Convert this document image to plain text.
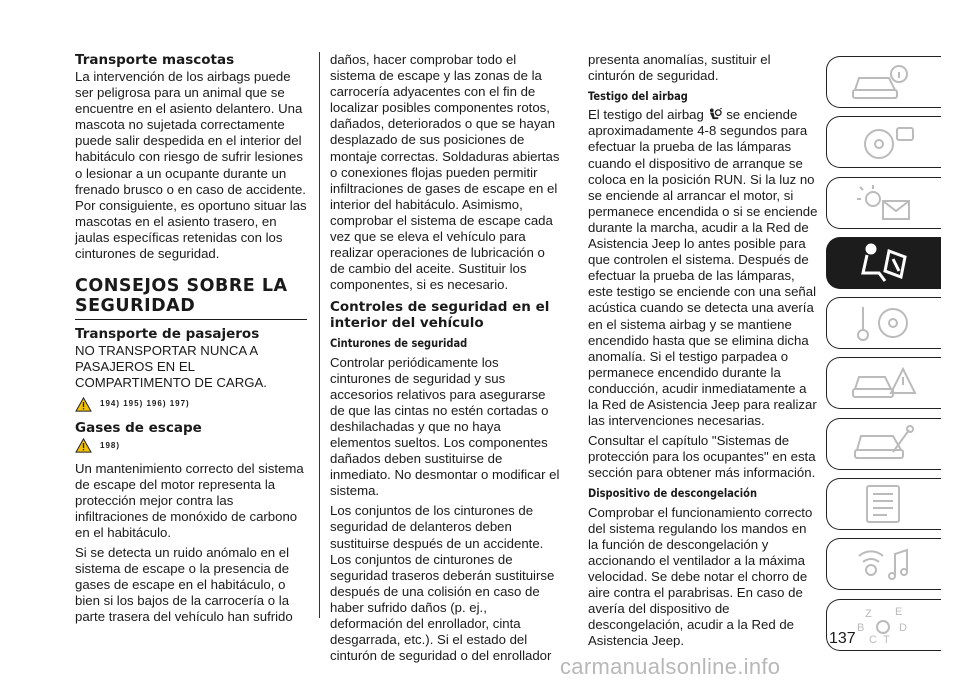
Transporte mascotas

La intervención de los airbags puede ser peligrosa para un animal que se encuentre en el asiento delantero. Una mascota no sujetada correctamente puede salir despedida en el interior del habitáculo con riesgo de sufrir lesiones o lesionar a un ocupante durante un frenado brusco o en caso de accidente. Por consiguiente, es oportuno situar las mascotas en el asiento trasero, en jaulas específicas retenidas con los cinturones de seguridad.

CONSEJOS SOBRE LA SEGURIDAD
Transporte de pasajeros

NO TRANSPORTAR NUNCA A PASAJEROS EN EL COMPARTIMENTO DE CARGA.

194) 195) 196) 197)
Gases de escape
198)

Un mantenimiento correcto del sistema de escape del motor representa la protección mejor contra las infiltraciones de monóxido de carbono en el habitáculo.

Si se detecta un ruido anómalo en el sistema de escape o la presencia de gases de escape en el habitáculo, o bien si los bajos de la carrocería o la parte trasera del vehículo han sufrido

daños, hacer comprobar todo el sistema de escape y las zonas de la carrocería adyacentes con el fin de localizar posibles componentes rotos, dañados, deteriorados o que se hayan desplazado de sus posiciones de montaje correctas. Soldaduras abiertas o conexiones flojas pueden permitir infiltraciones de gases de escape en el interior del habitáculo. Asimismo, comprobar el sistema de escape cada vez que se eleva el vehículo para realizar operaciones de lubricación o de cambio del aceite. Sustituir los componentes, si es necesario.

Controles de seguridad en el interior del vehículo
Cinturones de seguridad

Controlar periódicamente los cinturones de seguridad y sus accesorios relativos para asegurarse de que las cintas no estén cortadas o deshilachadas y que no haya elementos sueltos. Los componentes dañados deben sustituirse de inmediato. No desmontar o modificar el sistema.

Los conjuntos de los cinturones de seguridad de delanteros deben sustituirse después de un accidente. Los conjuntos de cinturones de seguridad traseros deberán sustituirse después de una colisión en caso de haber sufrido daños (p. ej., deformación del enrollador, cinta desgarrada, etc.). Si el estado del cinturón de seguridad o del enrollador

presenta anomalías, sustituir el cinturón de seguridad.

Testigo del airbag

El testigo del airbag se enciende aproximadamente 4-8 segundos para efectuar la prueba de las lámparas cuando el dispositivo de arranque se coloca en la posición RUN. Si la luz no se enciende al arrancar el motor, si permanece encendida o si se enciende durante la marcha, acudir a la Red de Asistencia Jeep lo antes posible para que controlen el sistema. Después de efectuar la prueba de las lámparas, este testigo se enciende con una señal acústica cuando se detecta una avería en el sistema airbag y se mantiene encendido hasta que se elimina dicha anomalía. Si el testigo parpadea o permanece encendido durante la conducción, acudir inmediatamente a la Red de Asistencia Jeep para realizar las intervenciones necesarias.

Consultar el capítulo "Sistemas de protección para los ocupantes" en esta sección para obtener más información.

Dispositivo de descongelación

Comprobar el funcionamiento correcto del sistema regulando los mandos en la función de descongelación y accionando el ventilador a la máxima velocidad. Se debe notar el chorro de aire contra el parabrisas. En caso de avería del dispositivo de descongelación, acudir a la Red de Asistencia Jeep.

Z E
B	D
C T
137
carmanualsonline.info
